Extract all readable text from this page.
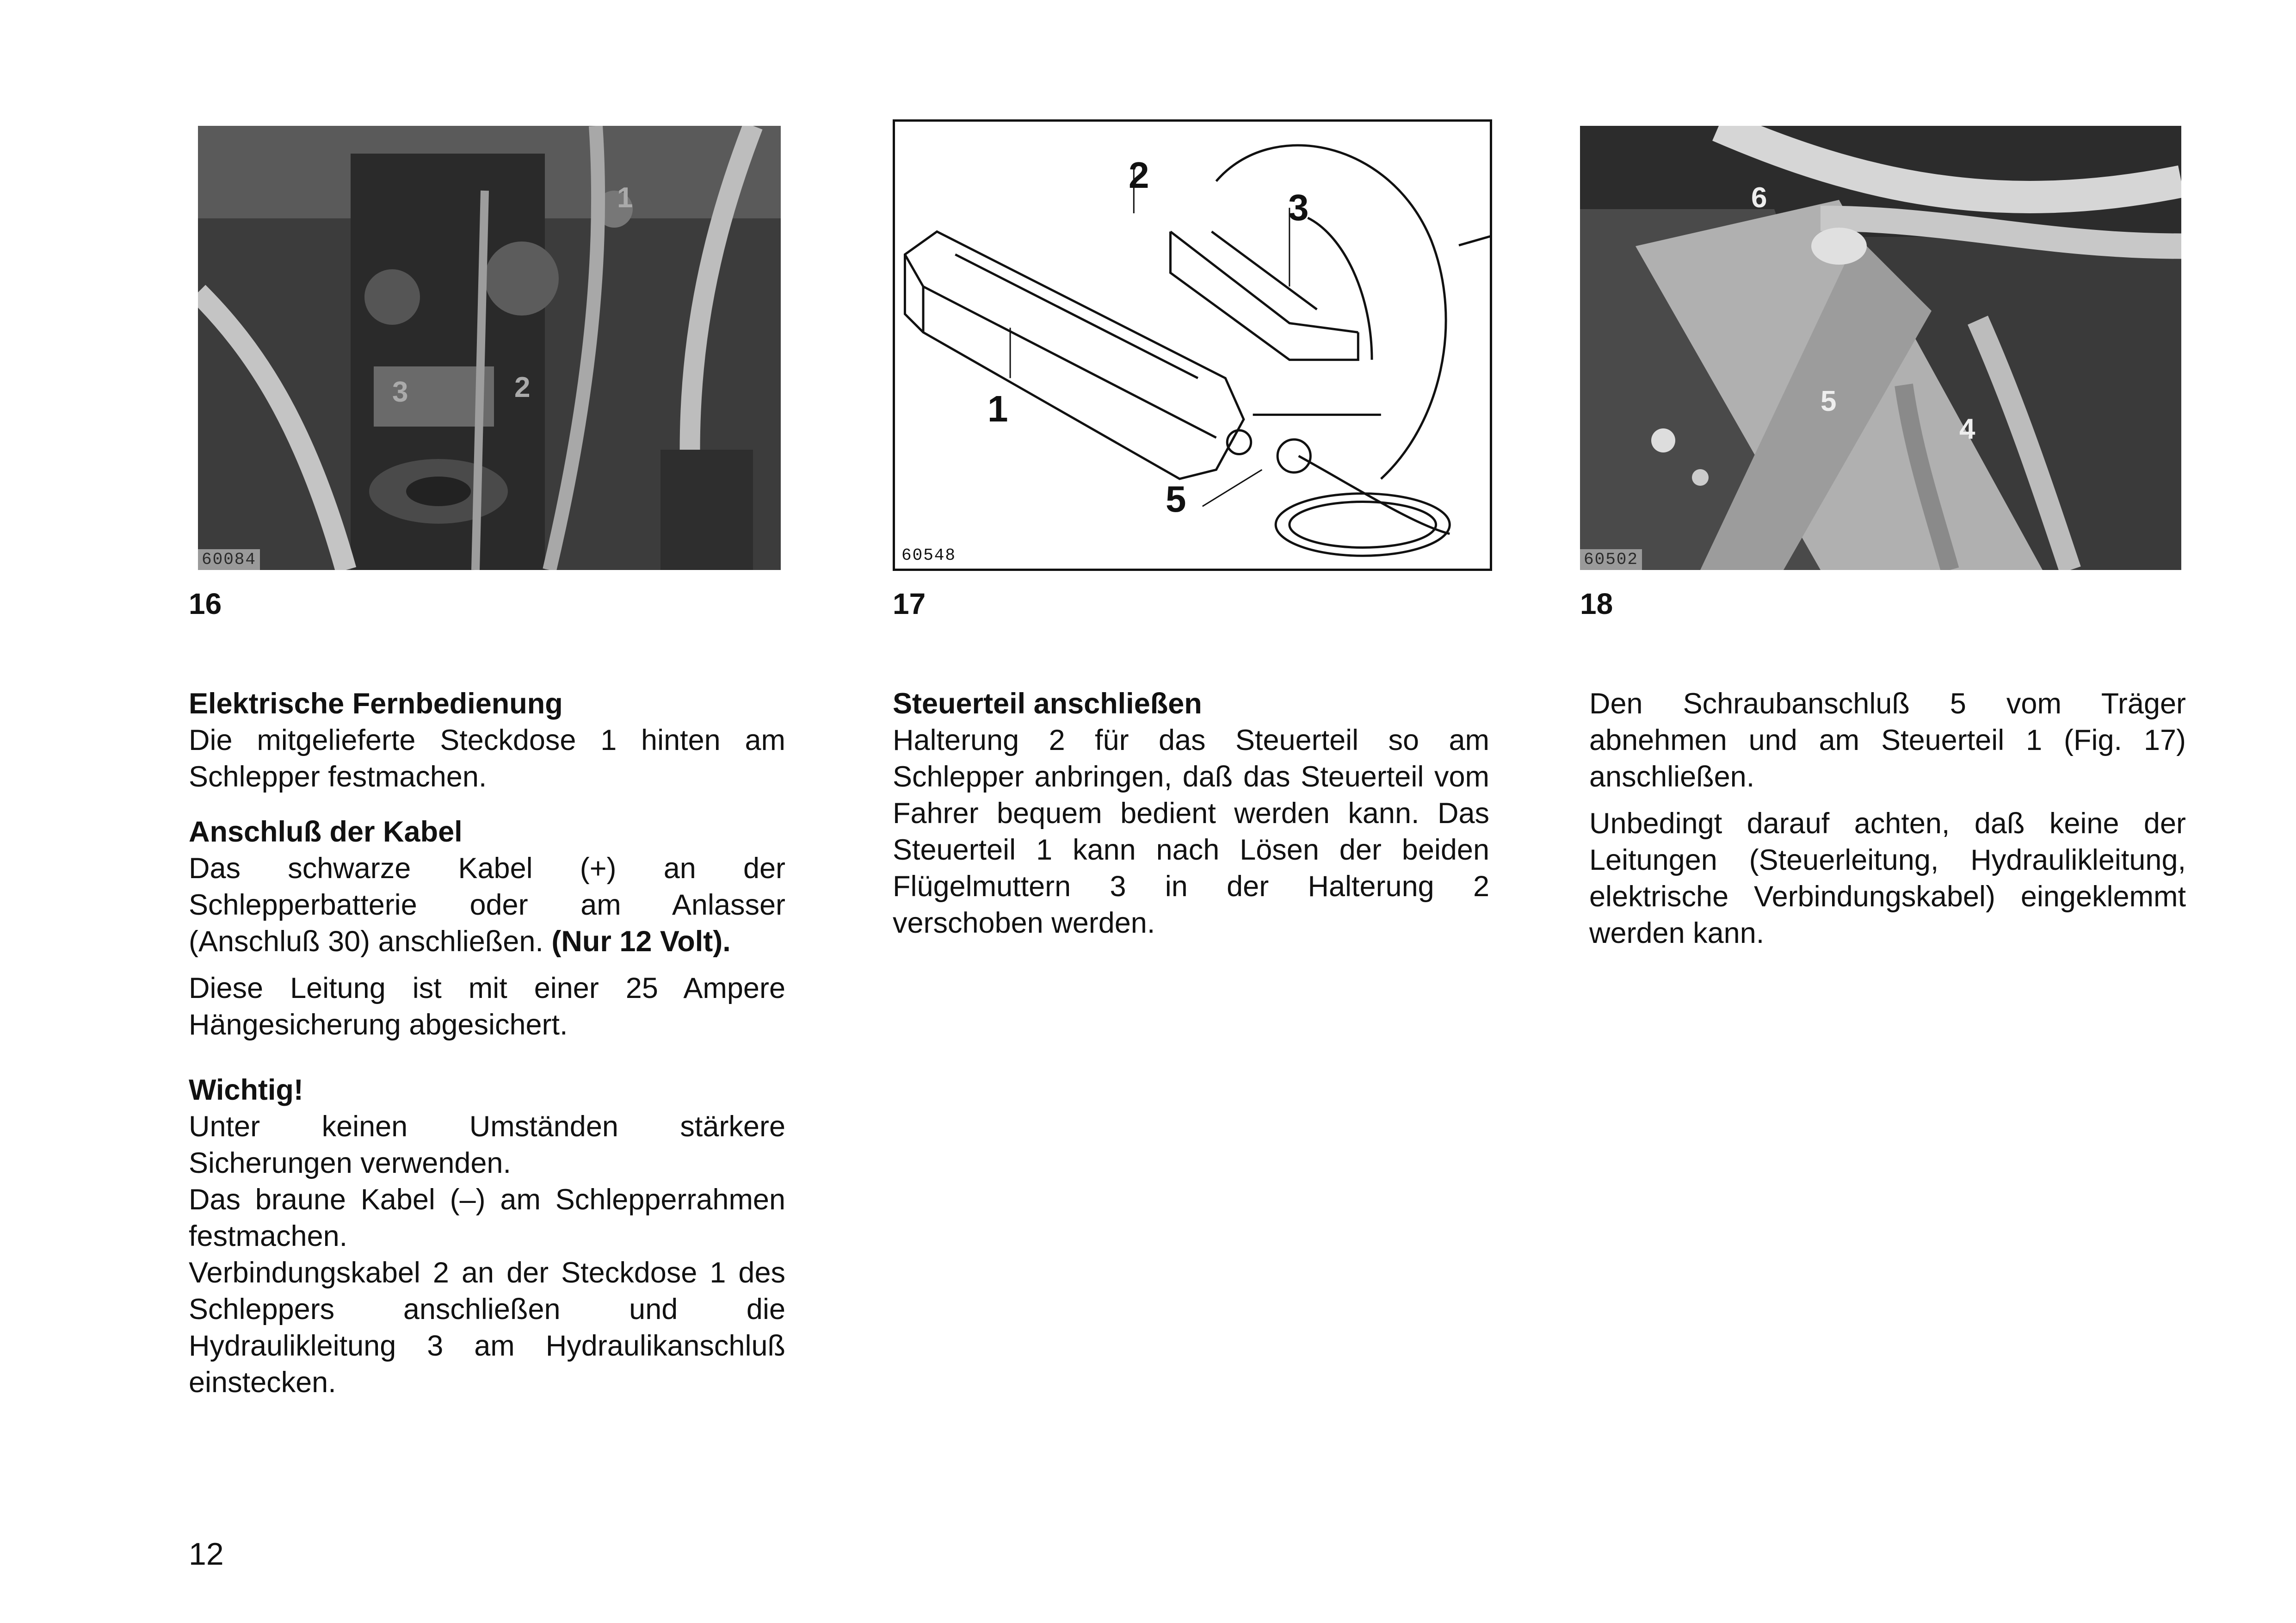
1
2
3
60084
16
2
3
1
5
60548
17
6
5
4
60502
18
Elektrische Fernbedienung

Die mitgelieferte Steckdose 1 hinten am Schlepper festmachen.

Anschluß der Kabel

Das schwarze Kabel (+) an der Schlepperbatterie oder am Anlasser (Anschluß 30) anschließen. (Nur 12 Volt).

Diese Leitung ist mit einer 25 Ampere Hängesicherung abgesichert.

Wichtig!

Unter keinen Umständen stärkere Sicherungen verwenden.

Das braune Kabel (–) am Schlepperrahmen festmachen.

Verbindungskabel 2 an der Steckdose 1 des Schleppers anschließen und die Hydraulikleitung 3 am Hydraulikanschluß einstecken.

Steuerteil anschließen

Halterung 2 für das Steuerteil so am Schlepper anbringen, daß das Steuerteil vom Fahrer bequem bedient werden kann. Das Steuerteil 1 kann nach Lösen der beiden Flügelmuttern 3 in der Halterung 2 verschoben werden.

Den Schraubanschluß 5 vom Träger abnehmen und am Steuerteil 1 (Fig. 17) anschließen.

Unbedingt darauf achten, daß keine der Leitungen (Steuerleitung, Hydraulikleitung, elektrische Verbindungskabel) eingeklemmt werden kann.

12
